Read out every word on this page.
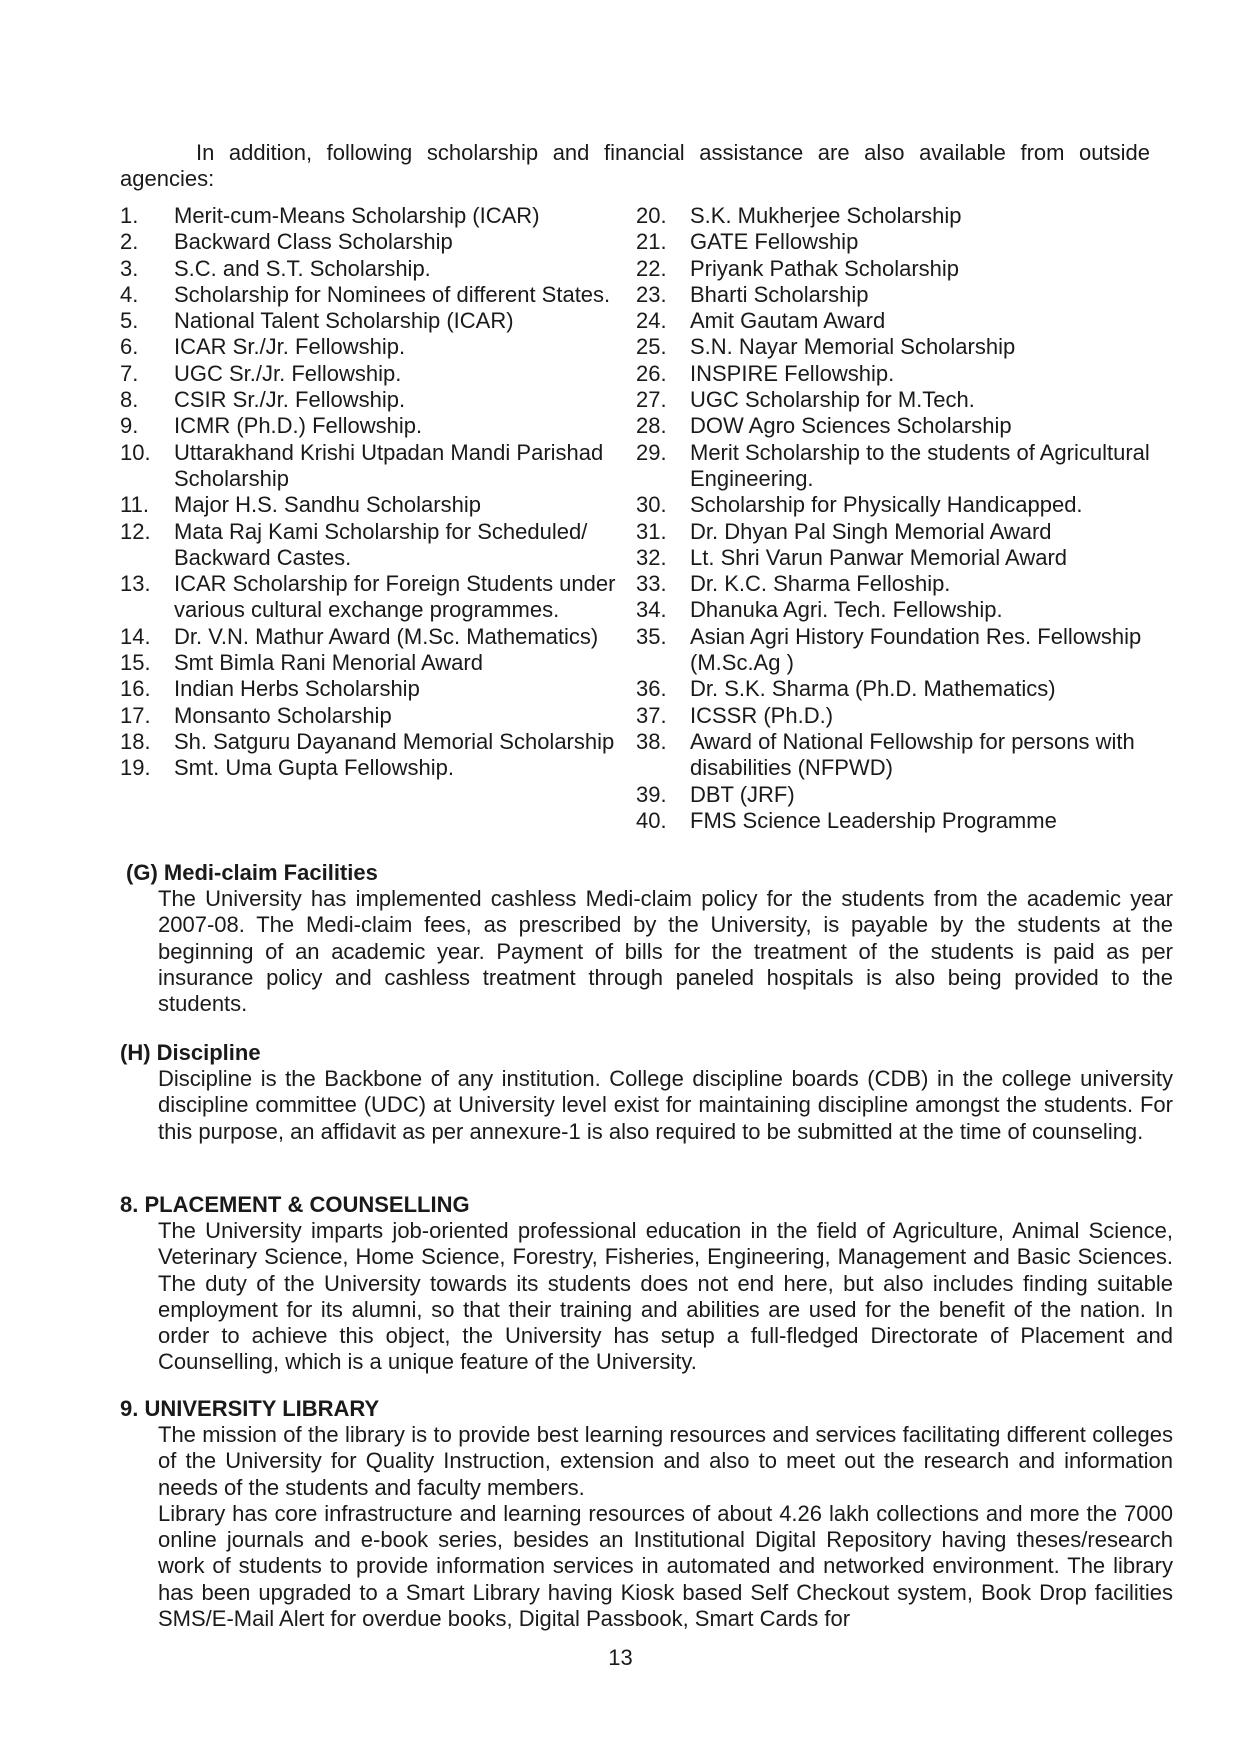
In addition, following scholarship and financial assistance are also available from outside agencies:

1.	Merit-cum-Means Scholarship (ICAR)
2.	Backward Class Scholarship
3.	S.C. and S.T. Scholarship.
4.	Scholarship for Nominees of different States.
5.	National Talent Scholarship (ICAR)
6.	ICAR Sr./Jr. Fellowship.
7.	UGC Sr./Jr. Fellowship.
8.	CSIR Sr./Jr. Fellowship.
9.	ICMR (Ph.D.) Fellowship.
10.	Uttarakhand Krishi Utpadan Mandi Parishad Scholarship
11.	Major H.S. Sandhu Scholarship
12.	Mata Raj Kami Scholarship for Scheduled/ Backward Castes.
13.	ICAR Scholarship for Foreign Students under various cultural exchange programmes.
14.	Dr. V.N. Mathur Award (M.Sc. Mathematics)
15.	Smt Bimla Rani Menorial Award
16.	Indian Herbs Scholarship
17.	Monsanto Scholarship
18.	Sh. Satguru Dayanand Memorial Scholarship
19.	Smt. Uma Gupta Fellowship.
20.	S.K. Mukherjee Scholarship
21.	GATE Fellowship
22.	Priyank Pathak Scholarship
23.	Bharti Scholarship
24.	Amit Gautam Award
25.	S.N. Nayar Memorial Scholarship
26.	INSPIRE Fellowship.
27.	UGC Scholarship for M.Tech.
28.	DOW Agro Sciences Scholarship
29.	Merit Scholarship to the students of Agricultural Engineering.
30.	Scholarship for Physically Handicapped.
31.	Dr. Dhyan Pal Singh Memorial Award
32.	Lt. Shri Varun Panwar Memorial Award
33.	Dr. K.C. Sharma Felloship.
34.	Dhanuka Agri. Tech. Fellowship.
35.	Asian Agri History Foundation Res. Fellowship (M.Sc.Ag )
36.	Dr. S.K. Sharma (Ph.D. Mathematics)
37.	ICSSR (Ph.D.)
38.	Award of National Fellowship for persons with disabilities (NFPWD)
39.	DBT (JRF)
40.	FMS Science Leadership Programme
(G) Medi-claim Facilities

The University has implemented cashless Medi-claim policy for the students from the academic year 2007-08. The Medi-claim fees, as prescribed by the University, is payable by the students at the beginning of an academic year. Payment of bills for the treatment of the students is paid as per insurance policy and cashless treatment through paneled hospitals is also being provided to the students.

(H) Discipline

Discipline is the Backbone of any institution. College discipline boards (CDB) in the college university discipline committee (UDC) at University level exist for maintaining discipline amongst the students. For this purpose, an affidavit as per annexure-1 is also required to be submitted at the time of counseling.

8. PLACEMENT & COUNSELLING

The University imparts job-oriented professional education in the field of Agriculture, Animal Science, Veterinary Science, Home Science, Forestry, Fisheries, Engineering, Management and Basic Sciences. The duty of the University towards its students does not end here, but also includes finding suitable employment for its alumni, so that their training and abilities are used for the benefit of the nation. In order to achieve this object, the University has setup a full-fledged Directorate of Placement and Counselling, which is a unique feature of the University.

9. UNIVERSITY LIBRARY

The mission of the library is to provide best learning resources and services facilitating different colleges of the University for Quality Instruction, extension and also to meet out the research and information needs of the students and faculty members.

Library has core infrastructure and learning resources of about 4.26 lakh collections and more the 7000 online journals and e-book series, besides an Institutional Digital Repository having theses/research work of students to provide information services in automated and networked environment. The library has been upgraded to a Smart Library having Kiosk based Self Checkout system, Book Drop facilities SMS/E-Mail Alert for overdue books, Digital Passbook, Smart Cards for

13
